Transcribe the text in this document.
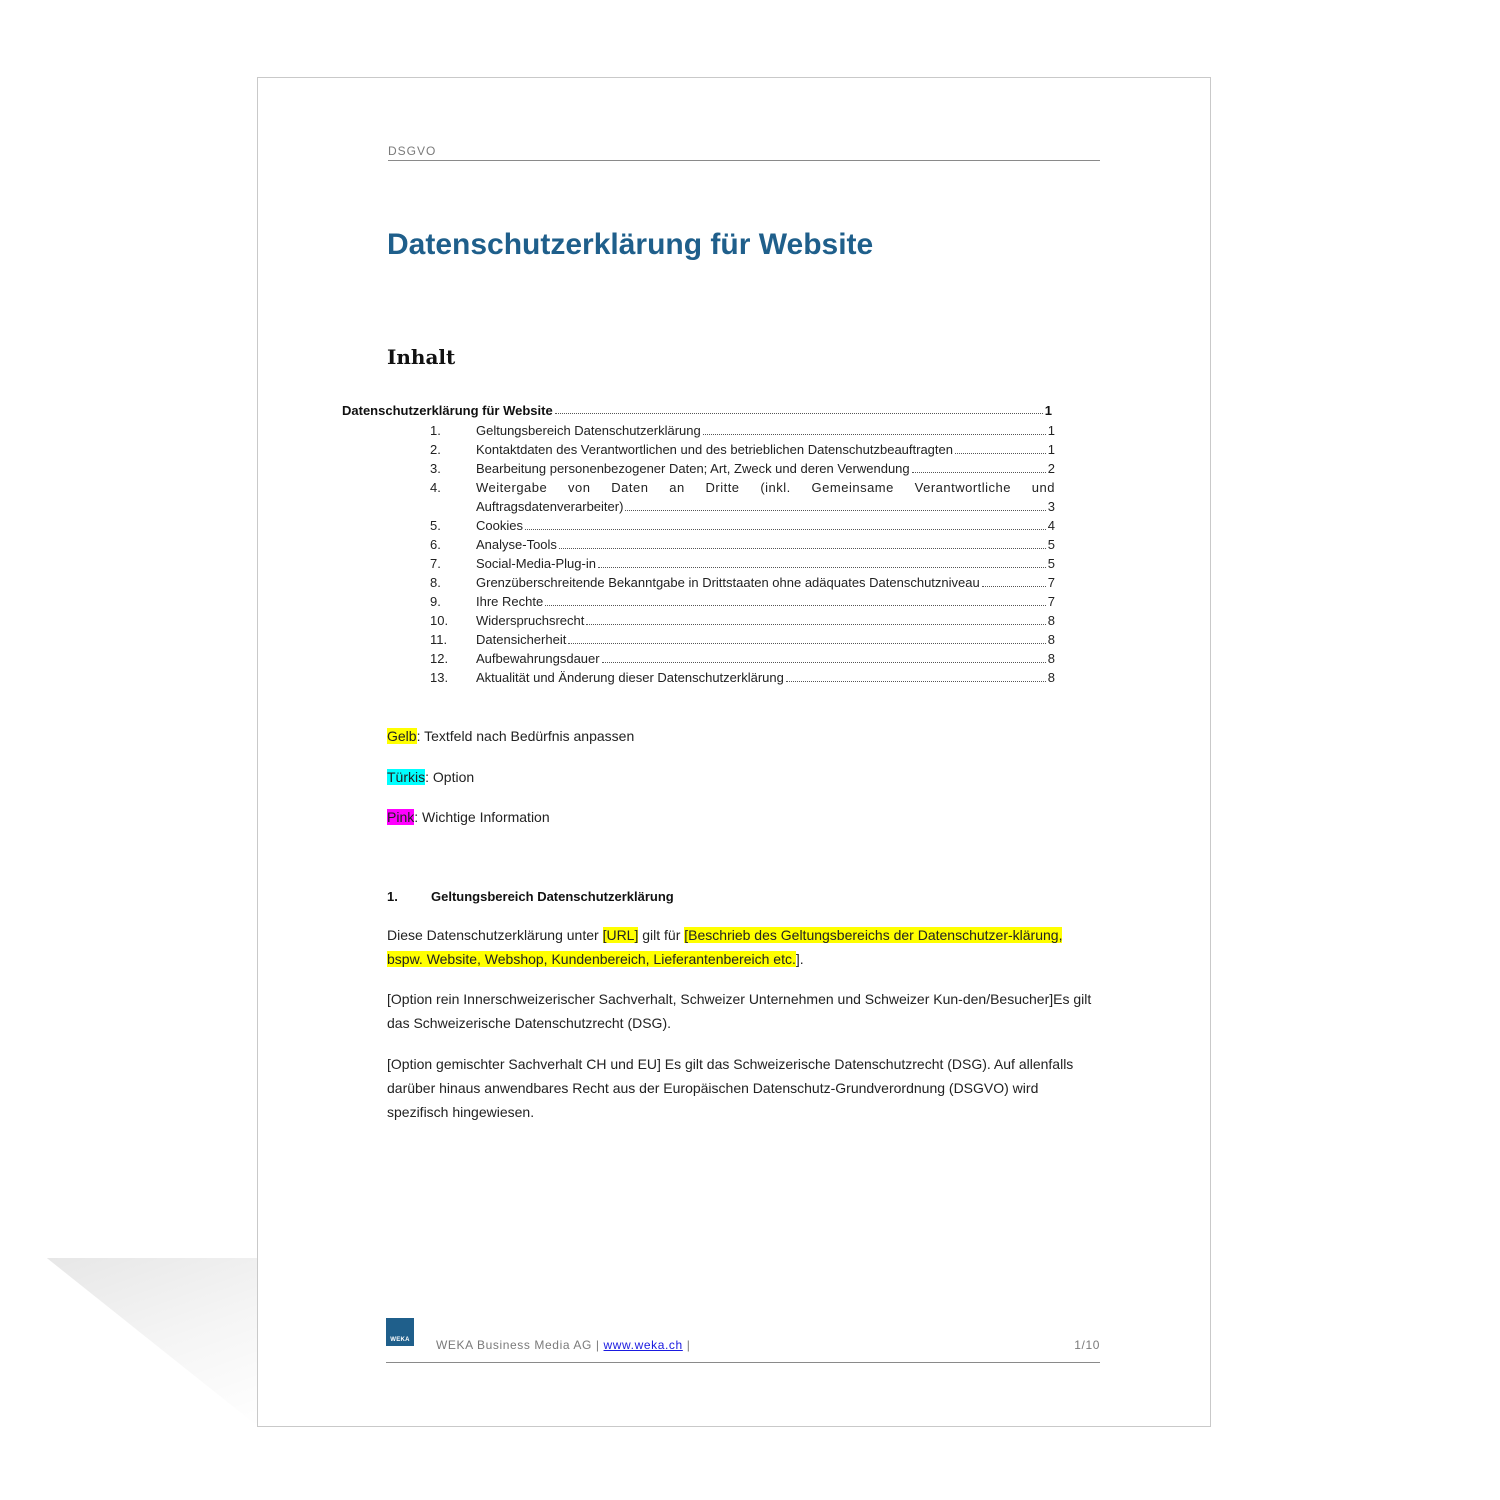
DSGVO
Datenschutzerklärung für Website
Inhalt
Datenschutzerklärung für Website	1
1.	Geltungsbereich Datenschutzerklärung	1
2.	Kontaktdaten des Verantwortlichen und des betrieblichen Datenschutzbeauftragten	1
3.	Bearbeitung personenbezogener Daten; Art, Zweck und deren Verwendung	2
4.	Weitergabe von Daten an Dritte (inkl. Gemeinsame Verantwortliche und
Auftragsdatenverarbeiter)	3
5.	Cookies	4
6.	Analyse-Tools	5
7.	Social-Media-Plug-in	5
8.	Grenzüberschreitende Bekanntgabe in Drittstaaten ohne adäquates Datenschutzniveau	7
9.	Ihre Rechte	7
10.	Widerspruchsrecht	8
11.	Datensicherheit	8
12.	Aufbewahrungsdauer	8
13.	Aktualität und Änderung dieser Datenschutzerklärung	8
Gelb: Textfeld nach Bedürfnis anpassen
Türkis: Option
Pink: Wichtige Information
1.	Geltungsbereich Datenschutzerklärung

Diese Datenschutzerklärung unter [URL] gilt für [Beschrieb des Geltungsbereichs der Datenschutzer-klärung, bspw. Website, Webshop, Kundenbereich, Lieferantenbereich etc.].

[Option rein Innerschweizerischer Sachverhalt, Schweizer Unternehmen und Schweizer Kun-den/Besucher]Es gilt das Schweizerische Datenschutzrecht (DSG).

[Option gemischter Sachverhalt CH und EU] Es gilt das Schweizerische Datenschutzrecht (DSG). Auf allenfalls darüber hinaus anwendbares Recht aus der Europäischen Datenschutz-Grundverordnung (DSGVO) wird spezifisch hingewiesen.

WEKA	WEKA Business Media AG | www.weka.ch |	1/10
